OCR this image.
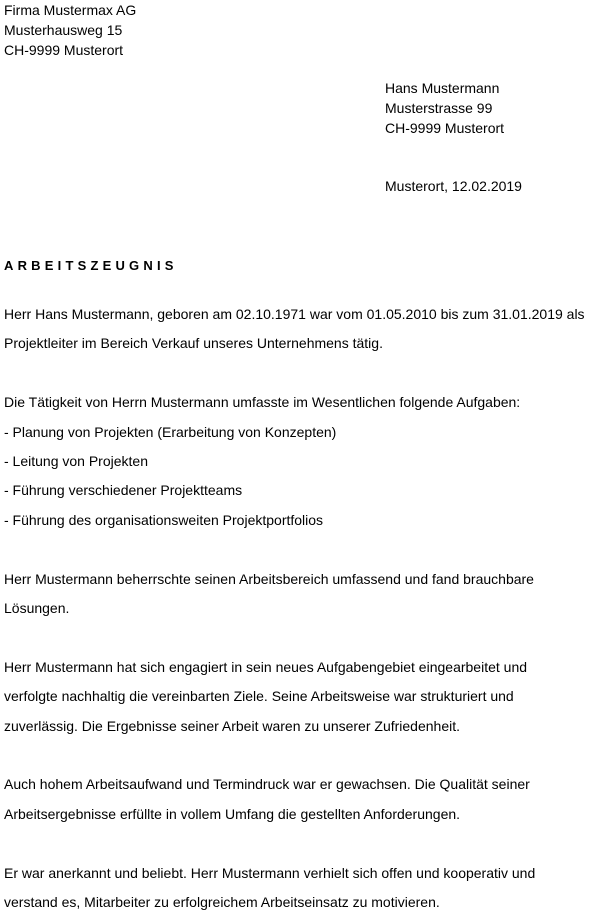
Firma Mustermax AG
Musterhausweg 15
CH-9999 Musterort
Hans Mustermann
Musterstrasse 99
CH-9999 Musterort
Musterort, 12.02.2019
ARBEITSZEUGNIS
Herr Hans Mustermann, geboren am 02.10.1971 war vom 01.05.2010 bis zum 31.01.2019 als
Projektleiter im Bereich Verkauf unseres Unternehmens tätig.
Die Tätigkeit von Herrn Mustermann umfasste im Wesentlichen folgende Aufgaben:
- Planung von Projekten (Erarbeitung von Konzepten)
- Leitung von Projekten
- Führung verschiedener Projektteams
- Führung des organisationsweiten Projektportfolios
Herr Mustermann beherrschte seinen Arbeitsbereich umfassend und fand brauchbare
Lösungen.
Herr Mustermann hat sich engagiert in sein neues Aufgabengebiet eingearbeitet und
verfolgte nachhaltig die vereinbarten Ziele. Seine Arbeitsweise war strukturiert und
zuverlässig. Die Ergebnisse seiner Arbeit waren zu unserer Zufriedenheit.
Auch hohem Arbeitsaufwand und Termindruck war er gewachsen. Die Qualität seiner
Arbeitsergebnisse erfüllte in vollem Umfang die gestellten Anforderungen.
Er war anerkannt und beliebt. Herr Mustermann verhielt sich offen und kooperativ und
verstand es, Mitarbeiter zu erfolgreichem Arbeitseinsatz zu motivieren.
